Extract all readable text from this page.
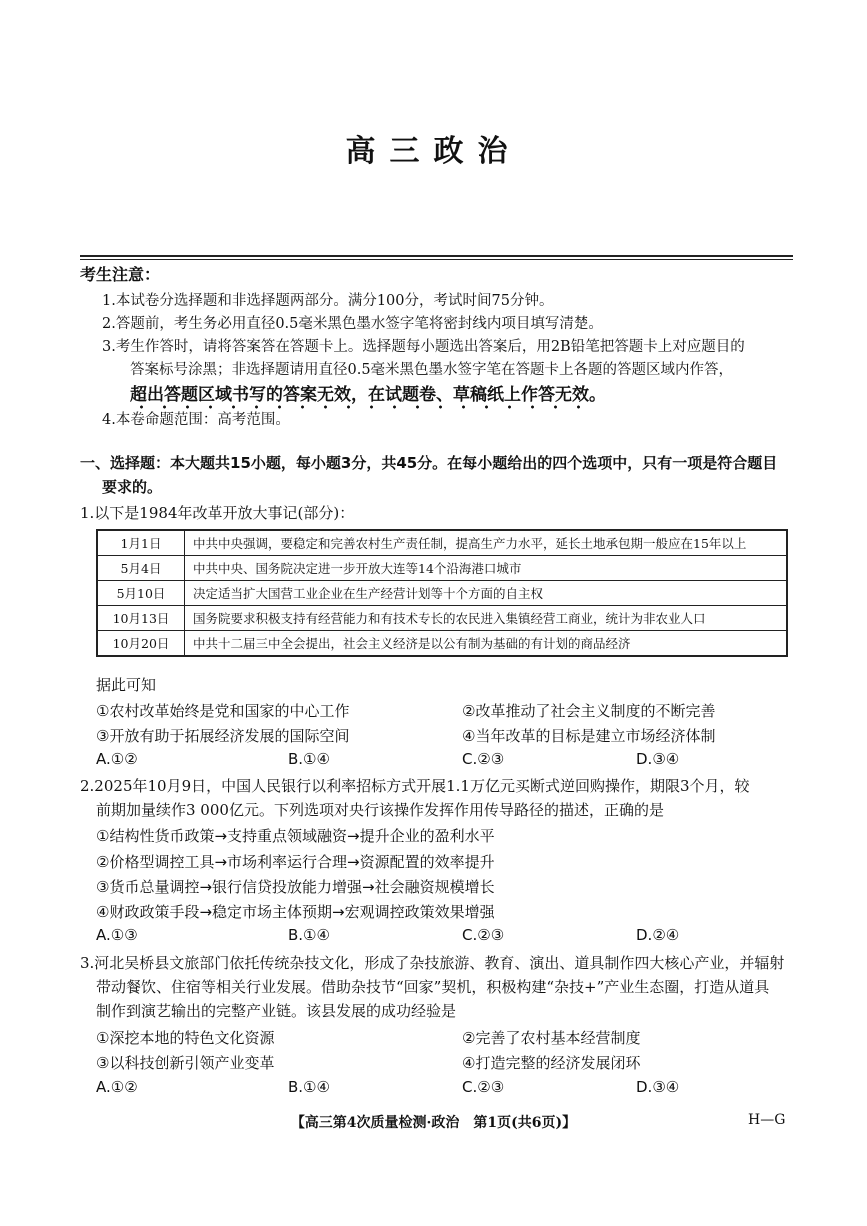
高三政治
考生注意：
1.本试卷分选择题和非选择题两部分。满分100分，考试时间75分钟。
2.答题前，考生务必用直径0.5毫米黑色墨水签字笔将密封线内项目填写清楚。
3.考生作答时，请将答案答在答题卡上。选择题每小题选出答案后，用2B铅笔把答题卡上对应题目的
答案标号涂黑；非选择题请用直径0.5毫米黑色墨水签字笔在答题卡上各题的答题区域内作答，
超出答题区域书写的答案无效，在试题卷、草稿纸上作答无效。
4.本卷命题范围：高考范围。
一、选择题：本大题共15小题，每小题3分，共45分。在每小题给出的四个选项中，只有一项是符合题目
要求的。
1.以下是1984年改革开放大事记(部分)：
1月1日	中共中央强调，要稳定和完善农村生产责任制，提高生产力水平，延长土地承包期一般应在15年以上
5月4日	中共中央、国务院决定进一步开放大连等14个沿海港口城市
5月10日	决定适当扩大国营工业企业在生产经营计划等十个方面的自主权
10月13日	国务院要求积极支持有经营能力和有技术专长的农民进入集镇经营工商业，统计为非农业人口
10月20日	中共十二届三中全会提出，社会主义经济是以公有制为基础的有计划的商品经济
据此可知
①农村改革始终是党和国家的中心工作	②改革推动了社会主义制度的不断完善
③开放有助于拓展经济发展的国际空间	④当年改革的目标是建立市场经济体制
A.①②	B.①④	C.②③	D.③④
2.2025年10月9日，中国人民银行以利率招标方式开展1.1万亿元买断式逆回购操作，期限3个月，较
前期加量续作3 000亿元。下列选项对央行该操作发挥作用传导路径的描述，正确的是
①结构性货币政策→支持重点领域融资→提升企业的盈利水平
②价格型调控工具→市场利率运行合理→资源配置的效率提升
③货币总量调控→银行信贷投放能力增强→社会融资规模增长
④财政政策手段→稳定市场主体预期→宏观调控政策效果增强
A.①③	B.①④	C.②③	D.②④
3.河北吴桥县文旅部门依托传统杂技文化，形成了杂技旅游、教育、演出、道具制作四大核心产业，并辐射
带动餐饮、住宿等相关行业发展。借助杂技节“回家”契机，积极构建“杂技+”产业生态圈，打造从道具
制作到演艺输出的完整产业链。该县发展的成功经验是
①深挖本地的特色文化资源	②完善了农村基本经营制度
③以科技创新引领产业变革	④打造完整的经济发展闭环
A.①②	B.①④	C.②③	D.③④
【高三第4次质量检测·政治　第1页(共6页)】	H—G
